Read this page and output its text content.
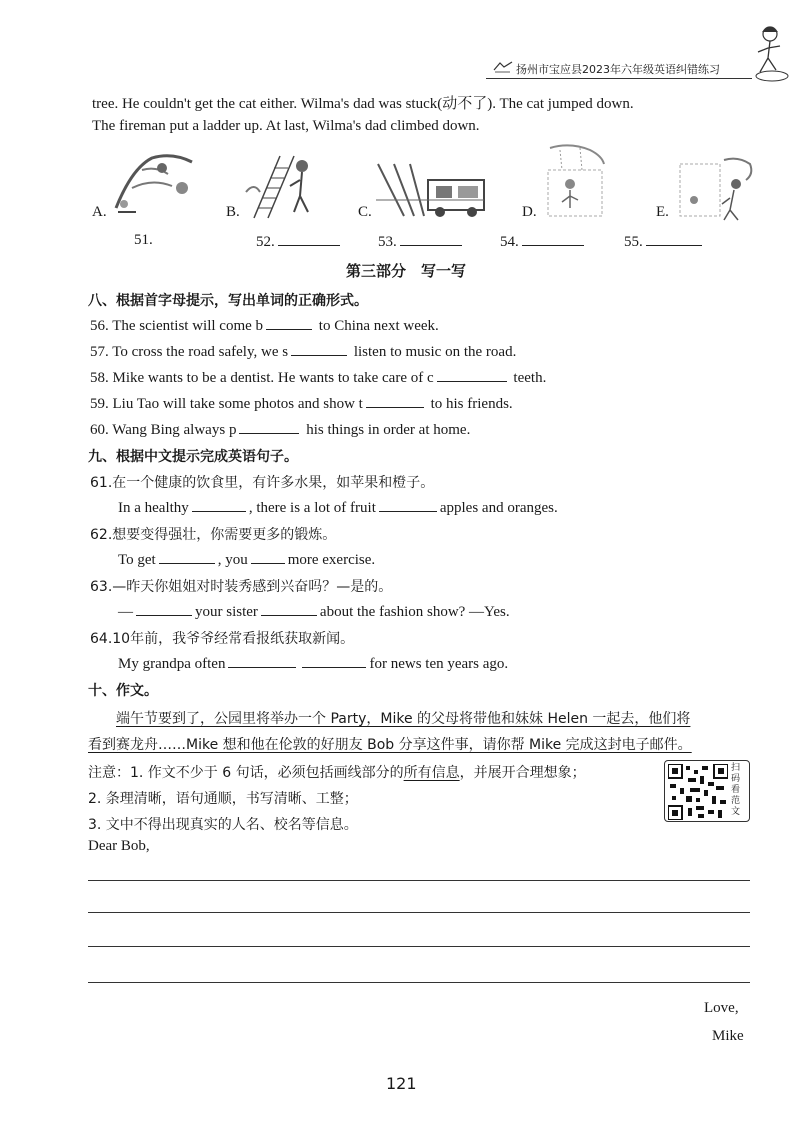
扬州市宝应县2023年六年级英语纠错练习
tree. He couldn't get the cat either. Wilma's dad was stuck(动不了). The cat jumped down.
The fireman put a ladder up. At last, Wilma's dad climbed down.
A.	B.	C.	D.	E.
51.	52.	53.	54.	55.
第三部分　写一写
八、根据首字母提示，写出单词的正确形式。
56. The scientist will come b	to China next week.
57. To cross the road safely, we s	listen to music on the road.
58. Mike wants to be a dentist. He wants to take care of c	teeth.
59. Liu Tao will take some photos and show t	to his friends.
60. Wang Bing always p	his things in order at home.
九、根据中文提示完成英语句子。
61.在一个健康的饮食里，有许多水果，如苹果和橙子。
In a healthy	, there is a lot of fruit	apples and oranges.
62.想要变得强壮，你需要更多的锻炼。
To get	, you	more exercise.
63.—昨天你姐姐对时装秀感到兴奋吗？—是的。
—	your sister	about the fashion show? —Yes.
64.10年前，我爷爷经常看报纸获取新闻。
My grandpa often	for news ten years ago.
十、作文。
端午节要到了，公园里将举办一个 Party，Mike 的父母将带他和妹妹 Helen 一起去，他们将
看到赛龙舟……Mike 想和他在伦敦的好朋友 Bob 分享这件事，请你帮 Mike 完成这封电子邮件。
注意：1. 作文不少于 6 句话，必须包括画线部分的所有信息，并展开合理想象；
2. 条理清晰，语句通顺，书写清晰、工整；
3. 文中不得出现真实的人名、校名等信息。
扫码看范文
Dear Bob,
Love,
Mike
121
